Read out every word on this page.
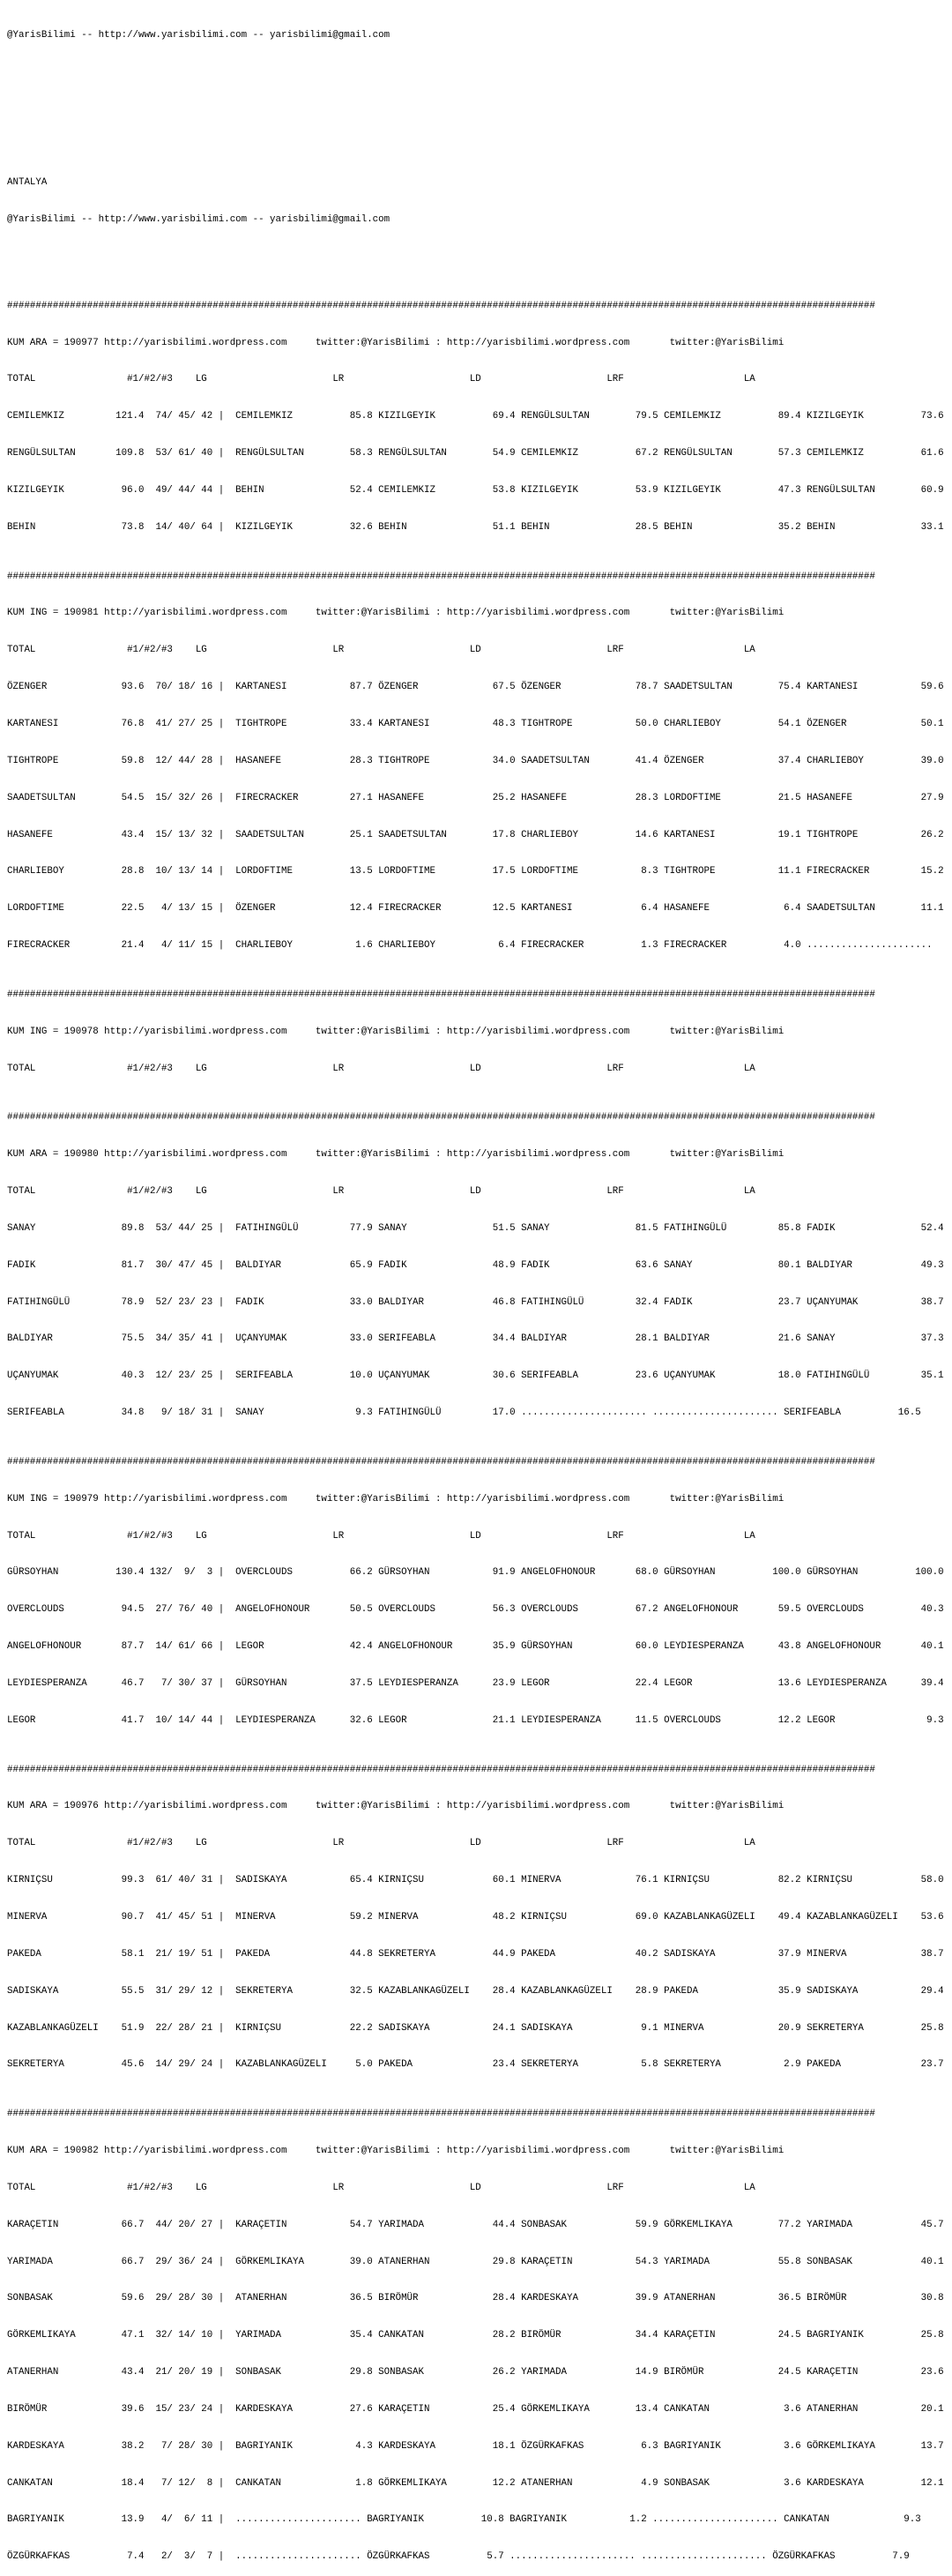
@YarisBilimi -- http://www.yarisbilimi.com -- yarisbilimi@gmail.com

ANTALYA

@YarisBilimi -- http://www.yarisbilimi.com -- yarisbilimi@gmail.com

########################################################################################################################################################

KUM ARA = 190977 http://yarisbilimi.wordpress.com     twitter:@YarisBilimi : http://yarisbilimi.wordpress.com       twitter:@YarisBilimi

TOTAL                #1/#2/#3    LG                      LR                      LD                      LRF                     LA

CEMILEMKIZ         121.4  74/ 45/ 42 |  CEMILEMKIZ          85.8 KIZILGEYIK          69.4 RENGÜLSULTAN        79.5 CEMILEMKIZ          89.4 KIZILGEYIK          73.6

RENGÜLSULTAN       109.8  53/ 61/ 40 |  RENGÜLSULTAN        58.3 RENGÜLSULTAN        54.9 CEMILEMKIZ          67.2 RENGÜLSULTAN        57.3 CEMILEMKIZ          61.6

KIZILGEYIK          96.0  49/ 44/ 44 |  BEHIN               52.4 CEMILEMKIZ          53.8 KIZILGEYIK          53.9 KIZILGEYIK          47.3 RENGÜLSULTAN        60.9

BEHIN               73.8  14/ 40/ 64 |  KIZILGEYIK          32.6 BEHIN               51.1 BEHIN               28.5 BEHIN               35.2 BEHIN               33.1

########################################################################################################################################################

KUM ING = 190981 http://yarisbilimi.wordpress.com     twitter:@YarisBilimi : http://yarisbilimi.wordpress.com       twitter:@YarisBilimi

TOTAL                #1/#2/#3    LG                      LR                      LD                      LRF                     LA

ÖZENGER             93.6  70/ 18/ 16 |  KARTANESI           87.7 ÖZENGER             67.5 ÖZENGER             78.7 SAADETSULTAN        75.4 KARTANESI           59.6

KARTANESI           76.8  41/ 27/ 25 |  TIGHTROPE           33.4 KARTANESI           48.3 TIGHTROPE           50.0 CHARLIEBOY          54.1 ÖZENGER             50.1

TIGHTROPE           59.8  12/ 44/ 28 |  HASANEFE            28.3 TIGHTROPE           34.0 SAADETSULTAN        41.4 ÖZENGER             37.4 CHARLIEBOY          39.0

SAADETSULTAN        54.5  15/ 32/ 26 |  FIRECRACKER         27.1 HASANEFE            25.2 HASANEFE            28.3 LORDOFTIME          21.5 HASANEFE            27.9

HASANEFE            43.4  15/ 13/ 32 |  SAADETSULTAN        25.1 SAADETSULTAN        17.8 CHARLIEBOY          14.6 KARTANESI           19.1 TIGHTROPE           26.2

CHARLIEBOY          28.8  10/ 13/ 14 |  LORDOFTIME          13.5 LORDOFTIME          17.5 LORDOFTIME           8.3 TIGHTROPE           11.1 FIRECRACKER         15.2

LORDOFTIME          22.5   4/ 13/ 15 |  ÖZENGER             12.4 FIRECRACKER         12.5 KARTANESI            6.4 HASANEFE             6.4 SAADETSULTAN        11.1

FIRECRACKER         21.4   4/ 11/ 15 |  CHARLIEBOY           1.6 CHARLIEBOY           6.4 FIRECRACKER          1.3 FIRECRACKER          4.0 ......................

########################################################################################################################################################

KUM ING = 190978 http://yarisbilimi.wordpress.com     twitter:@YarisBilimi : http://yarisbilimi.wordpress.com       twitter:@YarisBilimi

TOTAL                #1/#2/#3    LG                      LR                      LD                      LRF                     LA

########################################################################################################################################################

KUM ARA = 190980 http://yarisbilimi.wordpress.com     twitter:@YarisBilimi : http://yarisbilimi.wordpress.com       twitter:@YarisBilimi

TOTAL                #1/#2/#3    LG                      LR                      LD                      LRF                     LA

SANAY               89.8  53/ 44/ 25 |  FATIHINGÜLÜ         77.9 SANAY               51.5 SANAY               81.5 FATIHINGÜLÜ         85.8 FADIK               52.4

FADIK               81.7  30/ 47/ 45 |  BALDIYAR            65.9 FADIK               48.9 FADIK               63.6 SANAY               80.1 BALDIYAR            49.3

FATIHINGÜLÜ         78.9  52/ 23/ 23 |  FADIK               33.0 BALDIYAR            46.8 FATIHINGÜLÜ         32.4 FADIK               23.7 UÇANYUMAK           38.7

BALDIYAR            75.5  34/ 35/ 41 |  UÇANYUMAK           33.0 SERIFEABLA          34.4 BALDIYAR            28.1 BALDIYAR            21.6 SANAY               37.3

UÇANYUMAK           40.3  12/ 23/ 25 |  SERIFEABLA          10.0 UÇANYUMAK           30.6 SERIFEABLA          23.6 UÇANYUMAK           18.0 FATIHINGÜLÜ         35.1

SERIFEABLA          34.8   9/ 18/ 31 |  SANAY                9.3 FATIHINGÜLÜ         17.0 ...................... ...................... SERIFEABLA          16.5

########################################################################################################################################################

KUM ING = 190979 http://yarisbilimi.wordpress.com     twitter:@YarisBilimi : http://yarisbilimi.wordpress.com       twitter:@YarisBilimi

TOTAL                #1/#2/#3    LG                      LR                      LD                      LRF                     LA

GÜRSOYHAN          130.4 132/  9/  3 |  OVERCLOUDS          66.2 GÜRSOYHAN           91.9 ANGELOFHONOUR       68.0 GÜRSOYHAN          100.0 GÜRSOYHAN          100.0

OVERCLOUDS          94.5  27/ 76/ 40 |  ANGELOFHONOUR       50.5 OVERCLOUDS          56.3 OVERCLOUDS          67.2 ANGELOFHONOUR       59.5 OVERCLOUDS          40.3

ANGELOFHONOUR       87.7  14/ 61/ 66 |  LEGOR               42.4 ANGELOFHONOUR       35.9 GÜRSOYHAN           60.0 LEYDIESPERANZA      43.8 ANGELOFHONOUR       40.1

LEYDIESPERANZA      46.7   7/ 30/ 37 |  GÜRSOYHAN           37.5 LEYDIESPERANZA      23.9 LEGOR               22.4 LEGOR               13.6 LEYDIESPERANZA      39.4

LEGOR               41.7  10/ 14/ 44 |  LEYDIESPERANZA      32.6 LEGOR               21.1 LEYDIESPERANZA      11.5 OVERCLOUDS          12.2 LEGOR                9.3

########################################################################################################################################################

KUM ARA = 190976 http://yarisbilimi.wordpress.com     twitter:@YarisBilimi : http://yarisbilimi.wordpress.com       twitter:@YarisBilimi

TOTAL                #1/#2/#3    LG                      LR                      LD                      LRF                     LA

KIRNIÇSU            99.3  61/ 40/ 31 |  SADISKAYA           65.4 KIRNIÇSU            60.1 MINERVA             76.1 KIRNIÇSU            82.2 KIRNIÇSU            58.0

MINERVA             90.7  41/ 45/ 51 |  MINERVA             59.2 MINERVA             48.2 KIRNIÇSU            69.0 KAZABLANKAGÜZELI    49.4 KAZABLANKAGÜZELI    53.6

PAKEDA              58.1  21/ 19/ 51 |  PAKEDA              44.8 SEKRETERYA          44.9 PAKEDA              40.2 SADISKAYA           37.9 MINERVA             38.7

SADISKAYA           55.5  31/ 29/ 12 |  SEKRETERYA          32.5 KAZABLANKAGÜZELI    28.4 KAZABLANKAGÜZELI    28.9 PAKEDA              35.9 SADISKAYA           29.4

KAZABLANKAGÜZELI    51.9  22/ 28/ 21 |  KIRNIÇSU            22.2 SADISKAYA           24.1 SADISKAYA            9.1 MINERVA             20.9 SEKRETERYA          25.8

SEKRETERYA          45.6  14/ 29/ 24 |  KAZABLANKAGÜZELI     5.0 PAKEDA              23.4 SEKRETERYA           5.8 SEKRETERYA           2.9 PAKEDA              23.7

########################################################################################################################################################

KUM ARA = 190982 http://yarisbilimi.wordpress.com     twitter:@YarisBilimi : http://yarisbilimi.wordpress.com       twitter:@YarisBilimi

TOTAL                #1/#2/#3    LG                      LR                      LD                      LRF                     LA

KARAÇETIN           66.7  44/ 20/ 27 |  KARAÇETIN           54.7 YARIMADA            44.4 SONBASAK            59.9 GÖRKEMLIKAYA        77.2 YARIMADA            45.7

YARIMADA            66.7  29/ 36/ 24 |  GÖRKEMLIKAYA        39.0 ATANERHAN           29.8 KARAÇETIN           54.3 YARIMADA            55.8 SONBASAK            40.1

SONBASAK            59.6  29/ 28/ 30 |  ATANERHAN           36.5 BIRÖMÜR             28.4 KARDESKAYA          39.9 ATANERHAN           36.5 BIRÖMÜR             30.8

GÖRKEMLIKAYA        47.1  32/ 14/ 10 |  YARIMADA            35.4 CANKATAN            28.2 BIRÖMÜR             34.4 KARAÇETIN           24.5 BAGRIYANIK          25.8

ATANERHAN           43.4  21/ 20/ 19 |  SONBASAK            29.8 SONBASAK            26.2 YARIMADA            14.9 BIRÖMÜR             24.5 KARAÇETIN           23.6

BIRÖMÜR             39.6  15/ 23/ 24 |  KARDESKAYA          27.6 KARAÇETIN           25.4 GÖRKEMLIKAYA        13.4 CANKATAN             3.6 ATANERHAN           20.1

KARDESKAYA          38.2   7/ 28/ 30 |  BAGRIYANIK           4.3 KARDESKAYA          18.1 ÖZGÜRKAFKAS          6.3 BAGRIYANIK           3.6 GÖRKEMLIKAYA        13.7

CANKATAN            18.4   7/ 12/  8 |  CANKATAN             1.8 GÖRKEMLIKAYA        12.2 ATANERHAN            4.9 SONBASAK             3.6 KARDESKAYA          12.1

BAGRIYANIK          13.9   4/  6/ 11 |  ...................... BAGRIYANIK          10.8 BAGRIYANIK           1.2 ...................... CANKATAN             9.3

ÖZGÜRKAFKAS          7.4   2/  3/  7 |  ...................... ÖZGÜRKAFKAS          5.7 ...................... ...................... ÖZGÜRKAFKAS          7.9
